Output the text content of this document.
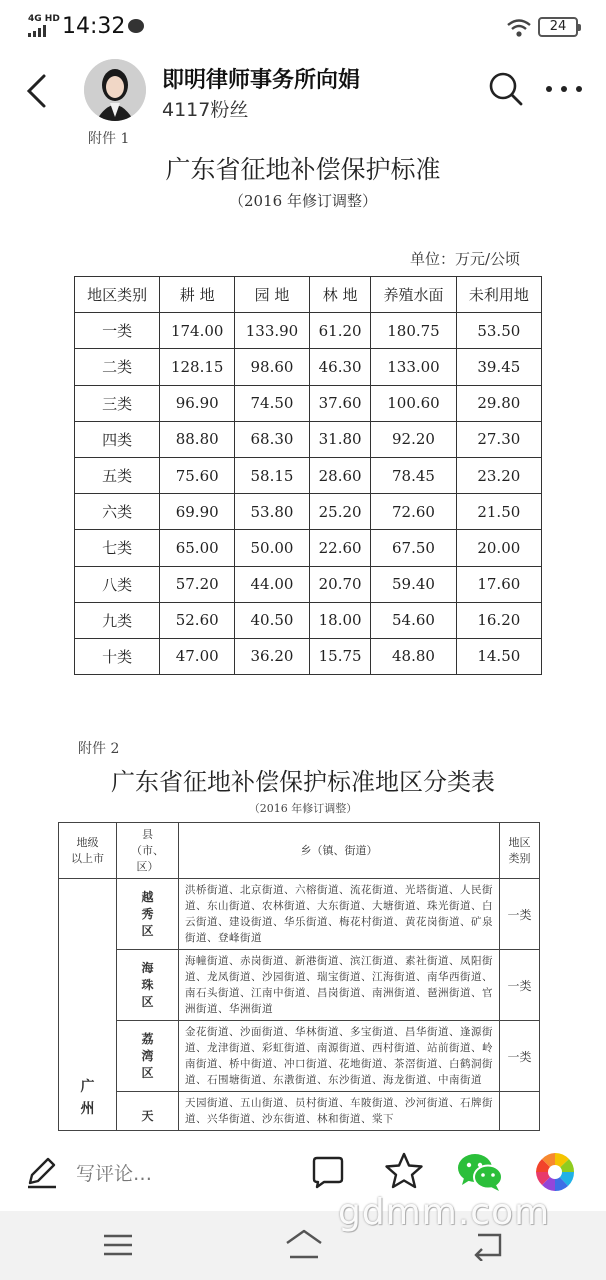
4G HD 14:32	24
即明律师事务所向娟
4117粉丝
附件 1
广东省征地补偿保护标准
（2016 年修订调整）
单位：万元/公顷
地区类别	耕 地	园 地	林 地	养殖水面	未利用地
一类	174.00	133.90	61.20	180.75	53.50
二类	128.15	98.60	46.30	133.00	39.45
三类	96.90	74.50	37.60	100.60	29.80
四类	88.80	68.30	31.80	92.20	27.30
五类	75.60	58.15	28.60	78.45	23.20
六类	69.90	53.80	25.20	72.60	21.50
七类	65.00	50.00	22.60	67.50	20.00
八类	57.20	44.00	20.70	59.40	17.60
九类	52.60	40.50	18.00	54.60	16.20
十类	47.00	36.20	15.75	48.80	14.50
附件 2
广东省征地补偿保护标准地区分类表
（2016 年修订调整）
地级
以上市	县
（市、
区）	乡（镇、街道）	地区
类别
广
州	越
秀
区	洪桥街道、北京街道、六榕街道、流花街道、光塔街道、人民街道、东山街道、农林街道、大东街道、大塘街道、珠光街道、白云街道、建设街道、华乐街道、梅花村街道、黄花岗街道、矿泉街道、登峰街道	一类
	海
珠
区	海幢街道、赤岗街道、新港街道、滨江街道、素社街道、凤阳街道、龙凤街道、沙园街道、瑞宝街道、江海街道、南华西街道、南石头街道、江南中街道、昌岗街道、南洲街道、琶洲街道、官洲街道、华洲街道	一类
	荔
湾
区	金花街道、沙面街道、华林街道、多宝街道、昌华街道、逢源街道、龙津街道、彩虹街道、南源街道、西村街道、站前街道、岭南街道、桥中街道、冲口街道、花地街道、茶滘街道、白鹤洞街道、石围塘街道、东漖街道、东沙街道、海龙街道、中南街道	一类
	天	天园街道、五山街道、员村街道、车陂街道、沙河街道、石牌街道、兴华街道、沙东街道、林和街道、棠下	
写评论…
gdmm.com
